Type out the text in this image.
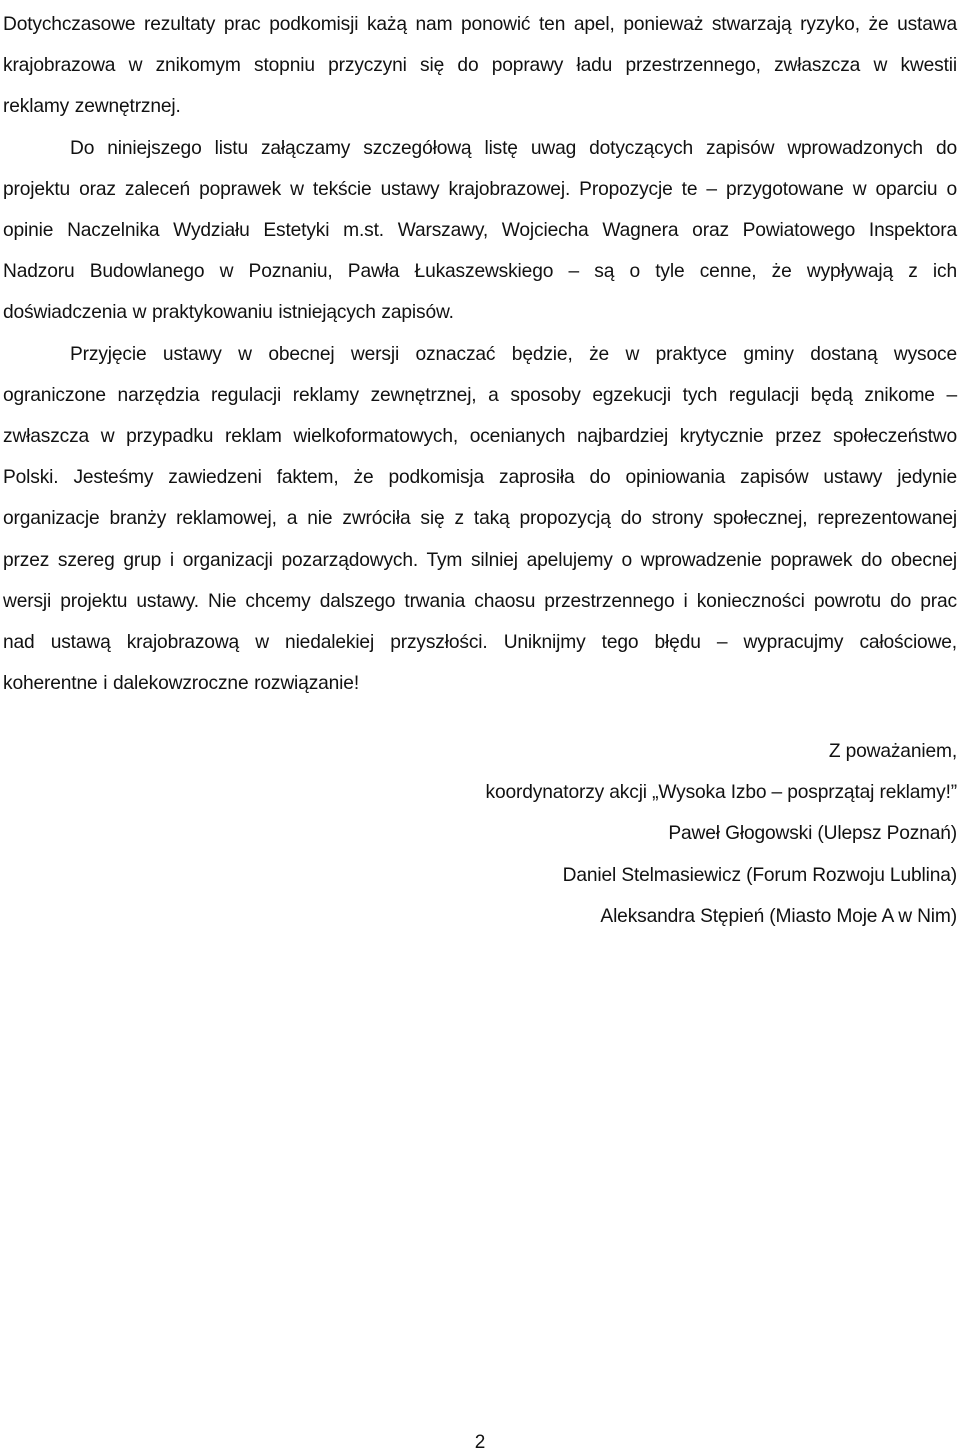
Dotychczasowe rezultaty prac podkomisji każą nam ponowić ten apel, ponieważ stwarzają ryzyko, że ustawa
krajobrazowa w znikomym stopniu przyczyni się do poprawy ładu przestrzennego, zwłaszcza w kwestii
reklamy zewnętrznej.

Do niniejszego listu załączamy szczegółową listę uwag dotyczących zapisów wprowadzonych do
projektu oraz zaleceń poprawek w tekście ustawy krajobrazowej. Propozycje te – przygotowane w oparciu o
opinie Naczelnika Wydziału Estetyki m.st. Warszawy, Wojciecha Wagnera oraz Powiatowego Inspektora
Nadzoru Budowlanego w Poznaniu, Pawła Łukaszewskiego – są o tyle cenne, że wypływają z ich
doświadczenia w praktykowaniu istniejących zapisów.

Przyjęcie ustawy w obecnej wersji oznaczać będzie, że w praktyce gminy dostaną wysoce
ograniczone narzędzia regulacji reklamy zewnętrznej, a sposoby egzekucji tych regulacji będą znikome –
zwłaszcza w przypadku reklam wielkoformatowych, ocenianych najbardziej krytycznie przez społeczeństwo
Polski. Jesteśmy zawiedzeni faktem, że podkomisja zaprosiła do opiniowania zapisów ustawy jedynie
organizacje branży reklamowej, a nie zwróciła się z taką propozycją do strony społecznej, reprezentowanej
przez szereg grup i organizacji pozarządowych. Tym silniej apelujemy o wprowadzenie poprawek do obecnej
wersji projektu ustawy. Nie chcemy dalszego trwania chaosu przestrzennego i konieczności powrotu do prac
nad ustawą krajobrazową w niedalekiej przyszłości. Uniknijmy tego błędu – wypracujmy całościowe,
koherentne i dalekowzroczne rozwiązanie!

Z poważaniem,
koordynatorzy akcji „Wysoka Izbo – posprzątaj reklamy!”
Paweł Głogowski (Ulepsz Poznań)
Daniel Stelmasiewicz (Forum Rozwoju Lublina)
Aleksandra Stępień (Miasto Moje A w Nim)
2
